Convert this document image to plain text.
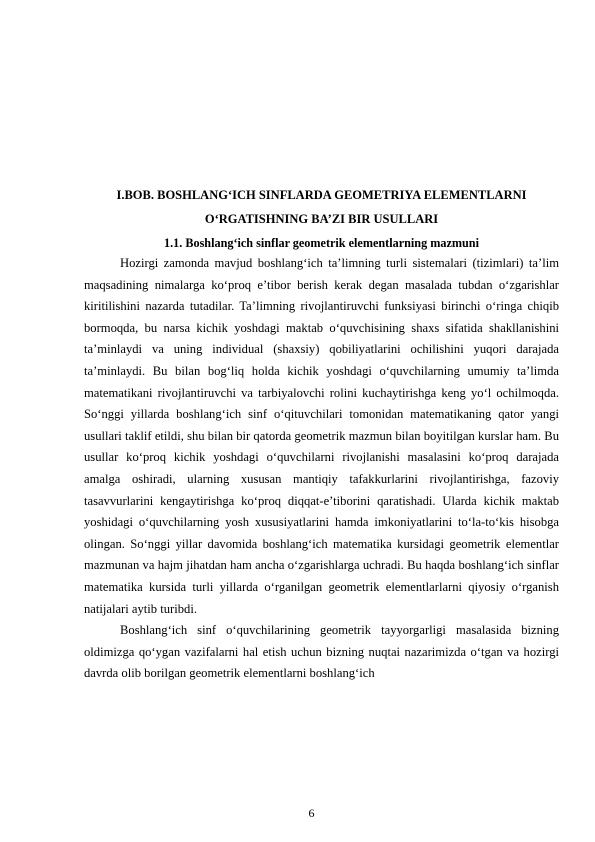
I.BOB. BOSHLANG‘ICH SINFLARDA GEOMETRIYA ELEMENTLARNI O‘RGATISHNING BA’ZI BIR USULLARI
1.1. Boshlang‘ich sinflar geometrik elementlarning mazmuni

Hozirgi zamonda mavjud boshlang‘ich ta’limning turli sistemalari (tizimlari) ta’lim maqsadining nimalarga ko‘proq e’tibor berish kerak degan masalada tubdan o‘zgarishlar kiritilishini nazarda tutadilar. Ta’limning rivojlantiruvchi funksiyasi birinchi o‘ringa chiqib bormoqda, bu narsa kichik yoshdagi maktab o‘quvchisining shaxs sifatida shakllanishini ta’minlaydi va uning individual (shaxsiy) qobiliyatlarini ochilishini yuqori darajada ta’minlaydi. Bu bilan bog‘liq holda kichik yoshdagi o‘quvchilarning umumiy ta’limda matematikani rivojlantiruvchi va tarbiyalovchi rolini kuchaytirishga keng yo‘l ochilmoqda. So‘nggi yillarda boshlang‘ich sinf o‘qituvchilari tomonidan matematikaning qator yangi usullari taklif etildi, shu bilan bir qatorda geometrik mazmun bilan boyitilgan kurslar ham. Bu usullar ko‘proq kichik yoshdagi o‘quvchilarni rivojlanishi masalasini ko‘proq darajada amalga oshiradi, ularning xususan mantiqiy tafakkurlarini rivojlantirishga, fazoviy tasavvurlarini kengaytirishga ko‘proq diqqat-e’tiborini qaratishadi. Ularda kichik maktab yoshidagi o‘quvchilarning yosh xususiyatlarini hamda imkoniyatlarini to‘la-to‘kis hisobga olingan. So‘nggi yillar davomida boshlang‘ich matematika kursidagi geometrik elementlar mazmunan va hajm jihatdan ham ancha o‘zgarishlarga uchradi. Bu haqda boshlang‘ich sinflar matematika kursida turli yillarda o‘rganilgan geometrik elementlarlarni qiyosiy o‘rganish natijalari aytib turibdi.

Boshlang‘ich sinf o‘quvchilarining geometrik tayyorgarligi masalasida bizning oldimizga qo‘ygan vazifalarni hal etish uchun bizning nuqtai nazarimizda o‘tgan va hozirgi davrda olib borilgan geometrik elementlarni boshlang‘ich

6
